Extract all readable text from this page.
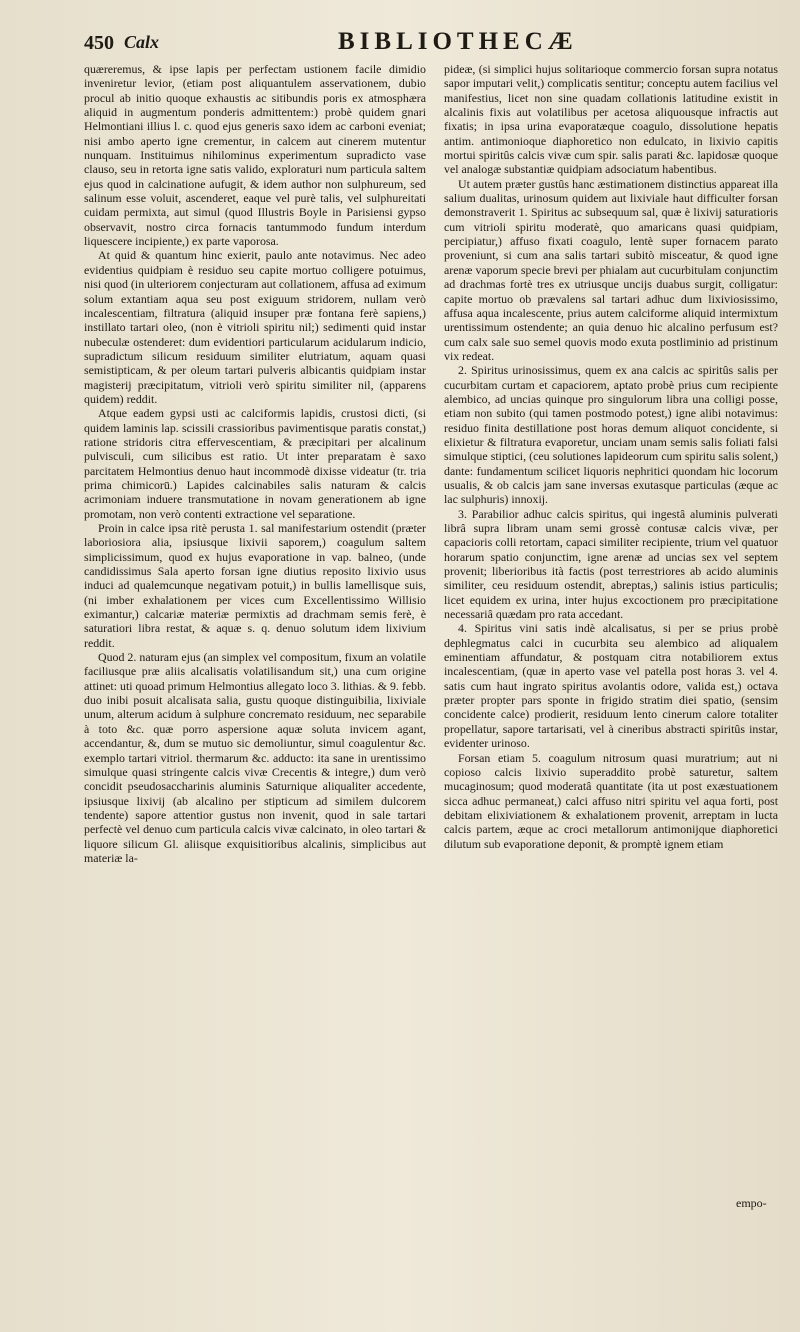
450 Calx	BIBLIOTHECÆ

quæreremus, & ipse lapis per perfectam ustionem facile dimidio inveniretur levior, (etiam post aliquantulem asservationem, dubio procul ab initio quoque exhaustis ac sitibundis poris ex atmosphæra aliquid in augmentum ponderis admittentem:) probè quidem gnari Helmontiani illius l. c. quod ejus generis saxo idem ac carboni eveniat; nisi ambo aperto igne crementur, in calcem aut cinerem mutentur nunquam. Instituimus nihilominus experimentum supradicto vase clauso, seu in retorta igne satis valido, exploraturi num particula saltem ejus quod in calcinatione aufugit, & idem author non sulphureum, sed salinum esse voluit, ascenderet, eaque vel purè talis, vel sulphureitati cuidam permixta, aut simul (quod Illustris Boyle in Parisiensi gypso observavit, nostro circa fornacis tantummodo fundum interdum liquescere incipiente,) ex parte vaporosa.

At quid & quantum hinc exierit, paulo ante notavimus. Nec adeo evidentius quidpiam è residuo seu capite mortuo colligere potuimus, nisi quod (in ulteriorem conjecturam aut collationem, affusa ad eximum solum extantiam aqua seu post exiguum stridorem, nullam verò incalescentiam, filtratura (aliquid insuper præ fontana ferè sapiens,) instillato tartari oleo, (non è vitrioli spiritu nil;) sedimenti quid instar nubeculæ ostenderet: dum evidentiori particularum acidularum indicio, supradictum silicum residuum similiter elutriatum, aquam quasi semistipticam, & per oleum tartari pulveris albicantis quidpiam instar magisterij præcipitatum, vitrioli verò spiritu similiter nil, (apparens quidem) reddit.

Atque eadem gypsi usti ac calciformis lapidis, crustosi dicti, (si quidem laminis lap. scissili crassioribus pavimentisque paratis constat,) ratione stridoris citra effervescentiam, & præcipitari per alcalinum pulvisculi, cum silicibus est ratio. Ut inter preparatam è saxo parcitatem Helmontius denuo haut incommodè dixisse videatur (tr. tria prima chimicorū.) Lapides calcinabiles salis naturam & calcis acrimoniam induere transmutatione in novam generationem ab igne promotam, non verò contenti extractione vel separatione.

Proin in calce ipsa ritè perusta 1. sal manifestarium ostendit (præter laboriosiora alia, ipsiusque lixivii saporem,) coagulum saltem simplicissimum, quod ex hujus evaporatione in vap. balneo, (unde candidissimus Sala aperto forsan igne diutius reposito lixivio usus induci ad qualemcunque negativam potuit,) in bullis lamellisque suis, (ni imber exhalationem per vices cum Excellentissimo Willisio eximantur,) calcariæ materiæ permixtis ad drachmam semis ferè, è saturatiori libra restat, & aquæ s. q. denuo solutum idem lixivium reddit.

Quod 2. naturam ejus (an simplex vel compositum, fixum an volatile faciliusque præ aliis alcalisatis volatilisandum sit,) una cum origine attinet: uti quoad primum Helmontius allegato loco 3. lithias. & 9. febb. duo inibi posuit alcalisata salia, gustu quoque distinguibilia, lixiviale unum, alterum acidum à sulphure concremato residuum, nec separabile à toto &c. quæ porro aspersione aquæ soluta invicem agant, accendantur, &, dum se mutuo sic demoliuntur, simul coagulentur &c. exemplo tartari vitriol. thermarum &c. adducto: ita sane in urentissimo simulque quasi stringente calcis vivæ Crecentis & integre,) dum verò concidit pseudosaccharinis aluminis Saturnique aliqualiter accedente, ipsiusque lixivij (ab alcalino per stipticum ad similem dulcorem tendente) sapore attentior gustus non invenit, quod in sale tartari perfectè vel denuo cum particula calcis vivæ calcinato, in oleo tartari & liquore silicum Gl. aliisque exquisitioribus alcalinis, simplicibus aut materiæ la-

pideæ, (si simplici hujus solitarioque commercio forsan supra notatus sapor imputari velit,) complicatis sentitur; conceptu autem facilius vel manifestius, licet non sine quadam collationis latitudine existit in alcalinis fixis aut volatilibus per acetosa aliquousque infractis aut fixatis; in ipsa urina evaporatæque coagulo, dissolutione hepatis antim. antimonioque diaphoretico non edulcato, in lixivio capitis mortui spiritûs calcis vivæ cum spir. salis parati &c. lapidosæ quoque vel analogæ substantiæ quidpiam adsociatum habentibus.

Ut autem præter gustûs hanc æstimationem distinctius appareat illa salium dualitas, urinosum quidem aut lixiviale haut difficulter forsan demonstraverit 1. Spiritus ac subsequum sal, quæ è lixivij saturatioris cum vitrioli spiritu moderatè, quo amaricans quasi quidpiam, percipiatur,) affuso fixati coagulo, lentè super fornacem parato proveniunt, si cum ana salis tartari subitò misceatur, & quod igne arenæ vaporum specie brevi per phialam aut cucurbitulam conjunctim ad drachmas fortè tres ex utriusque uncijs duabus surgit, colligatur: capite mortuo ob prævalens sal tartari adhuc dum lixiviosissimo, affusa aqua incalescente, prius autem calciforme aliquid intermixtum urentissimum ostendente; an quia denuo hic alcalino perfusum est? cum calx sale suo semel quovis modo exuta postliminio ad pristinum vix redeat.

2. Spiritus urinosissimus, quem ex ana calcis ac spiritûs salis per cucurbitam curtam et capaciorem, aptato probè prius cum recipiente alembico, ad uncias quinque pro singulorum libra una colligi posse, etiam non subito (qui tamen postmodo potest,) igne alibi notavimus: residuo finita destillatione post horas demum aliquot concidente, si elixietur & filtratura evaporetur, unciam unam semis salis foliati falsi simulque stiptici, (ceu solutiones lapideorum cum spiritu salis solent,) dante: fundamentum scilicet liquoris nephritici quondam hic locorum usualis, & ob calcis jam sane inversas exutasque particulas (æque ac lac sulphuris) innoxij.

3. Parabilior adhuc calcis spiritus, qui ingestâ aluminis pulverati librâ supra libram unam semi grossè contusæ calcis vivæ, per capacioris colli retortam, capaci similiter recipiente, trium vel quatuor horarum spatio conjunctim, igne arenæ ad uncias sex vel septem provenit; liberioribus ità factis (post terrestriores ab acido aluminis similiter, ceu residuum ostendit, abreptas,) salinis istius particulis; licet equidem ex urina, inter hujus excoctionem pro præcipitatione necessariâ quædam pro rata accedant.

4. Spiritus vini satis indè alcalisatus, si per se prius probè dephlegmatus calci in cucurbita seu alembico ad aliqualem eminentiam affundatur, & postquam citra notabiliorem extus incalescentiam, (quæ in aperto vase vel patella post horas 3. vel 4. satis cum haut ingrato spiritus avolantis odore, valida est,) octava præter propter pars sponte in frigido stratim diei spatio, (sensim concidente calce) prodierit, residuum lento cinerum calore totaliter propellatur, sapore tartarisati, vel à cineribus abstracti spiritûs instar, evidenter urinoso.

Forsan etiam 5. coagulum nitrosum quasi muratrium; aut ni copioso calcis lixivio superaddito probè saturetur, saltem mucaginosum; quod moderatâ quantitate (ita ut post exæstuationem sicca adhuc permaneat,) calci affuso nitri spiritu vel aqua forti, post debitam elixiviationem & exhalationem provenit, arreptam in lucta calcis partem, æque ac croci metallorum antimonijque diaphoretici dilutum sub evaporatione deponit, & promptè ignem etiam

empo-
